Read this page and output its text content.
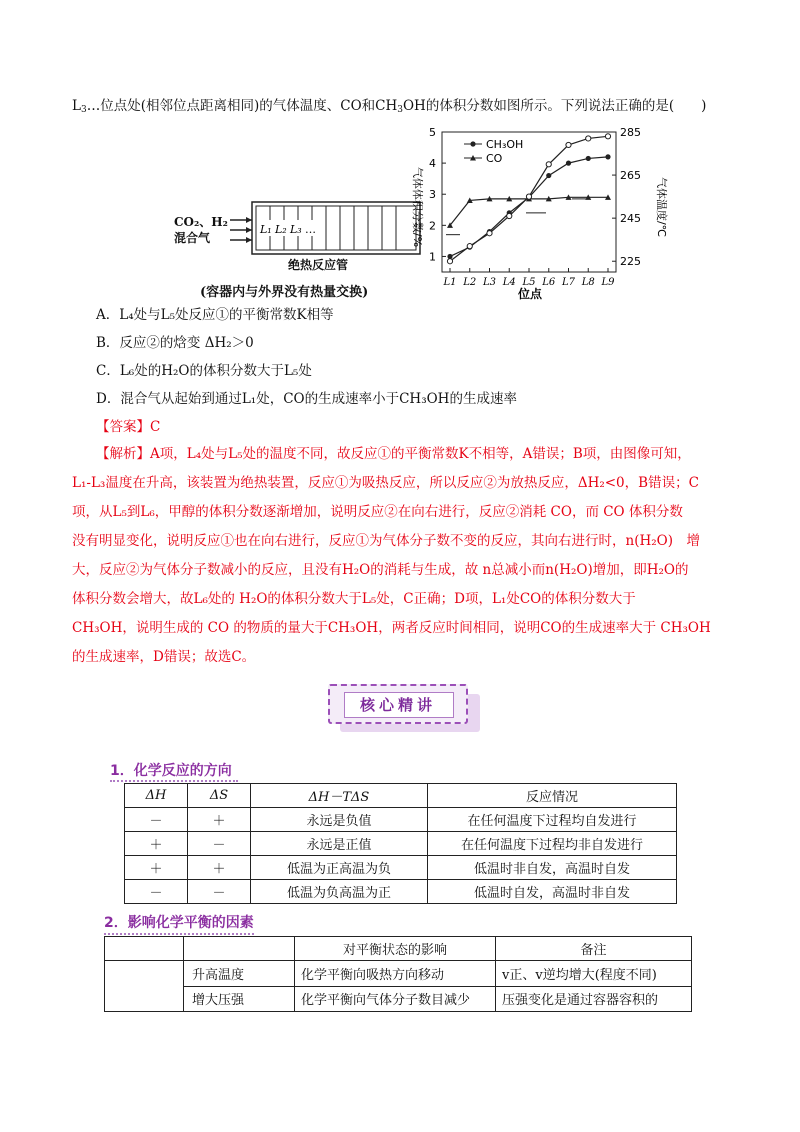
$L_3\dots$位点处(相邻位点距离相同)的气体温度、CO和$CH_3OH$的体积分数如图所示。下列说法正确的是(　　)
CO₂、H₂
混合气
L₁ L₂ L₃ …
绝热反应管
(容器内与外界没有热量交换)
气体体积分数/%	气体温度/℃
位点
1
2
3
4
5
225
245
265
285
L1 L2 L3 L4 L5 L6 L7 L8 L9
CH₃OH
CO
A．L₄处与L₅处反应①的平衡常数K相等
B．反应②的焓变 ΔH₂＞0
C．L₆处的H₂O的体积分数大于L₅处
D．混合气从起始到通过L₁处，CO的生成速率小于CH₃OH的生成速率
【答案】C
【解析】A项，L₄处与L₅处的温度不同，故反应①的平衡常数K不相等，A错误；B项，由图像可知，
L₁-L₃温度在升高，该装置为绝热装置，反应①为吸热反应，所以反应②为放热反应，ΔH₂<0，B错误；C
项，从L₅到L₆，甲醇的体积分数逐渐增加，说明反应②在向右进行，反应②消耗 CO，而 CO 体积分数
没有明显变化，说明反应①也在向右进行，反应①为气体分子数不变的反应，其向右进行时，n(H₂O)　增
大，反应②为气体分子数减小的反应，且没有H₂O的消耗与生成，故 n总减小而n(H₂O)增加，即H₂O的
体积分数会增大，故L₆处的 H₂O的体积分数大于L₅处，C正确；D项，L₁处CO的体积分数大于
CH₃OH，说明生成的 CO 的物质的量大于CH₃OH，两者反应时间相同，说明CO的生成速率大于 CH₃OH
的生成速率，D错误；故选C。
核心精讲
1．化学反应的方向
ΔH	ΔS	ΔH－TΔS	反应情况
－	＋	永远是负值	在任何温度下过程均自发进行
＋	－	永远是正值	在任何温度下过程均非自发进行
＋	＋	低温为正高温为负	低温时非自发，高温时自发
－	－	低温为负高温为正	低温时自发，高温时非自发
2．影响化学平衡的因素
		对平衡状态的影响	备注
	升高温度	化学平衡向吸热方向移动	v正、v逆均增大(程度不同)
	增大压强	化学平衡向气体分子数目减少	压强变化是通过容器容积的
